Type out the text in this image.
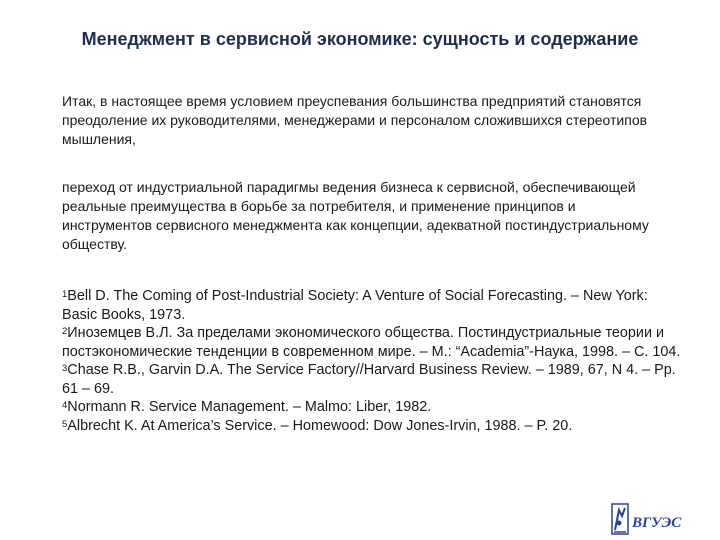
Менеджмент в сервисной экономике: сущность и содержание
Итак, в настоящее время условием преуспевания большинства предприятий становятся преодоление их руководителями, менеджерами и персоналом сложившихся стереотипов мышления,
переход от индустриальной парадигмы ведения бизнеса к сервисной, обеспечивающей реальные преимущества в борьбе за потребителя, и применение принципов и инструментов сервисного менеджмента как концепции, адекватной постиндустриальному обществу.

$^1$Bell D. The Coming of Post-Industrial Society: A Venture of Social Forecasting. – New York: Basic Books, 1973.

$^2$Иноземцев В.Л. За пределами экономического общества. Постиндустриальные теории и постэкономические тенденции в современном мире. – М.: “Academia”-Наука, 1998. – С. 104.

$^3$Chase R.B., Garvin D.A. The Service Factory//Harvard Business Review. – 1989, 67, N 4. – Pp. 61 – 69.

$^4$Normann R. Service Management. – Malmo: Liber, 1982.

$^5$Albrecht K. At America’s Service. – Homewood: Dow Jones-Irvin, 1988. – P. 20.

ВГУЭС
